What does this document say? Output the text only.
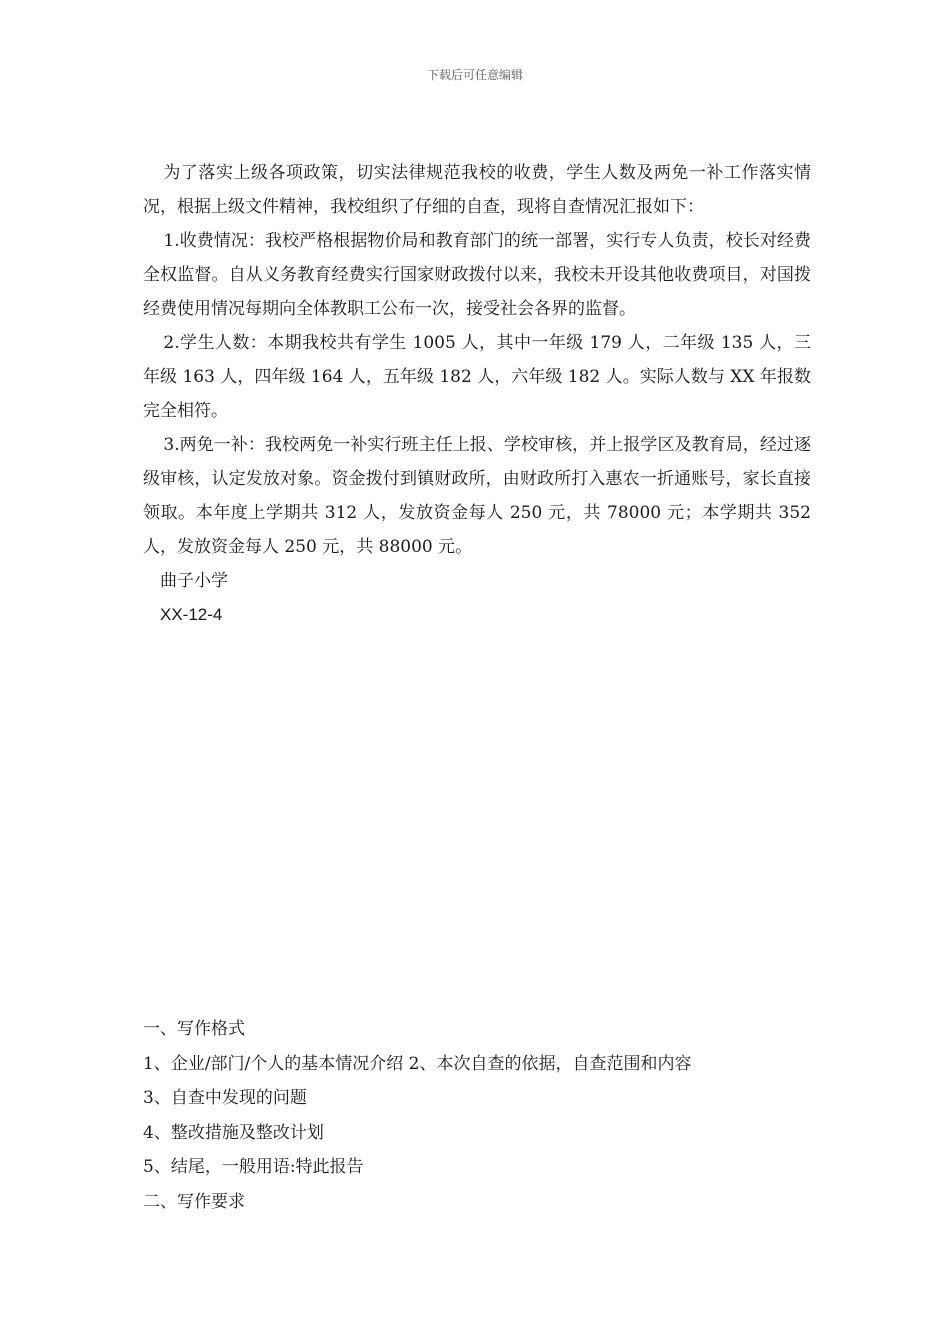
下载后可任意编辑

为了落实上级各项政策，切实法律规范我校的收费，学生人数及两免一补工作落实情况，根据上级文件精神，我校组织了仔细的自查，现将自查情况汇报如下：

1.收费情况：我校严格根据物价局和教育部门的统一部署，实行专人负责，校长对经费全权监督。自从义务教育经费实行国家财政拨付以来，我校未开设其他收费项目，对国拨经费使用情况每期向全体教职工公布一次，接受社会各界的监督。

2.学生人数：本期我校共有学生 1005 人，其中一年级 179 人，二年级 135 人，三年级 163 人，四年级 164 人，五年级 182 人，六年级 182 人。实际人数与 XX 年报数完全相符。

3.两免一补：我校两免一补实行班主任上报、学校审核，并上报学区及教育局，经过逐级审核，认定发放对象。资金拨付到镇财政所，由财政所打入惠农一折通账号，家长直接领取。本年度上学期共 312 人，发放资金每人 250 元，共 78000 元；本学期共 352 人，发放资金每人 250 元，共 88000 元。

曲子小学

XX-12-4

一、写作格式

1、企业/部门/个人的基本情况介绍 2、本次自查的依据，自查范围和内容

3、自查中发现的问题

4、整改措施及整改计划

5、结尾，一般用语:特此报告

二、写作要求
